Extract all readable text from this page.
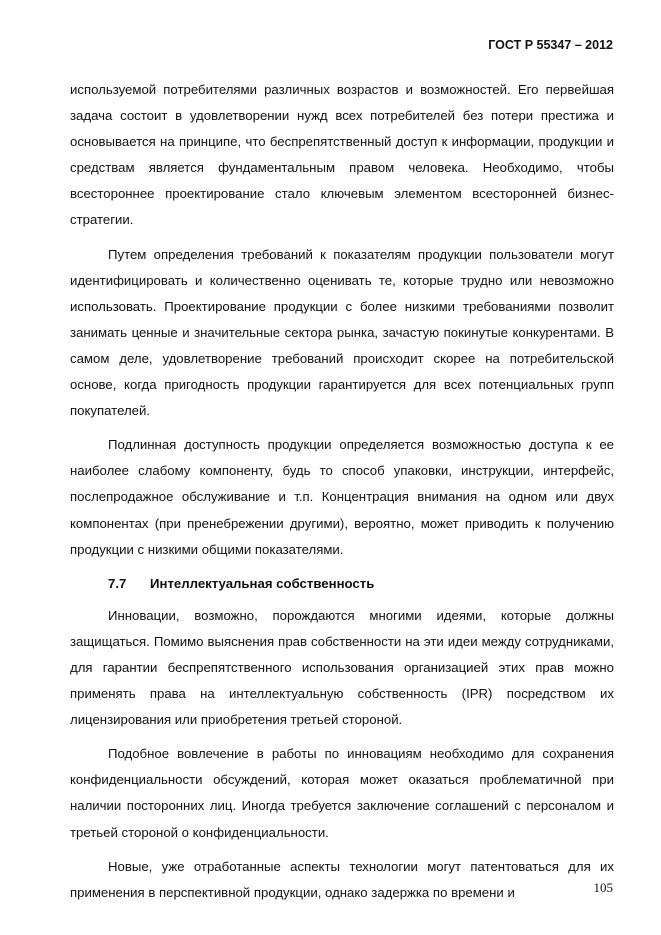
ГОСТ Р 55347 – 2012

используемой потребителями различных возрастов и возможностей. Его первейшая задача состоит в удовлетворении нужд всех потребителей без потери престижа и основывается на принципе, что беспрепятственный доступ к информации, продукции и средствам является фундаментальным правом человека. Необходимо, чтобы всестороннее проектирование стало ключевым элементом всесторонней бизнес-стратегии.

Путем определения требований к показателям продукции пользователи могут идентифицировать и количественно оценивать те, которые трудно или невозможно использовать. Проектирование продукции с более низкими требованиями позволит занимать ценные и значительные сектора рынка, зачастую покинутые конкурентами. В самом деле, удовлетворение требований происходит скорее на потребительской основе, когда пригодность продукции гарантируется для всех потенциальных групп покупателей.

Подлинная доступность продукции определяется возможностью доступа к ее наиболее слабому компоненту, будь то способ упаковки, инструкции, интерфейс, послепродажное обслуживание и т.п. Концентрация внимания на одном или двух компонентах (при пренебрежении другими), вероятно, может приводить к получению продукции с низкими общими показателями.

7.7	Интеллектуальная собственность

Инновации, возможно, порождаются многими идеями, которые должны защищаться. Помимо выяснения прав собственности на эти идеи между сотрудниками, для гарантии беспрепятственного использования организацией этих прав можно применять права на интеллектуальную собственность (IPR) посредством их лицензирования или приобретения третьей стороной.

Подобное вовлечение в работы по инновациям необходимо для сохранения конфиденциальности обсуждений, которая может оказаться проблематичной при наличии посторонних лиц. Иногда требуется заключение соглашений с персоналом и третьей стороной о конфиденциальности.

Новые, уже отработанные аспекты технологии могут патентоваться для их применения в перспективной продукции, однако задержка по времени и	105
